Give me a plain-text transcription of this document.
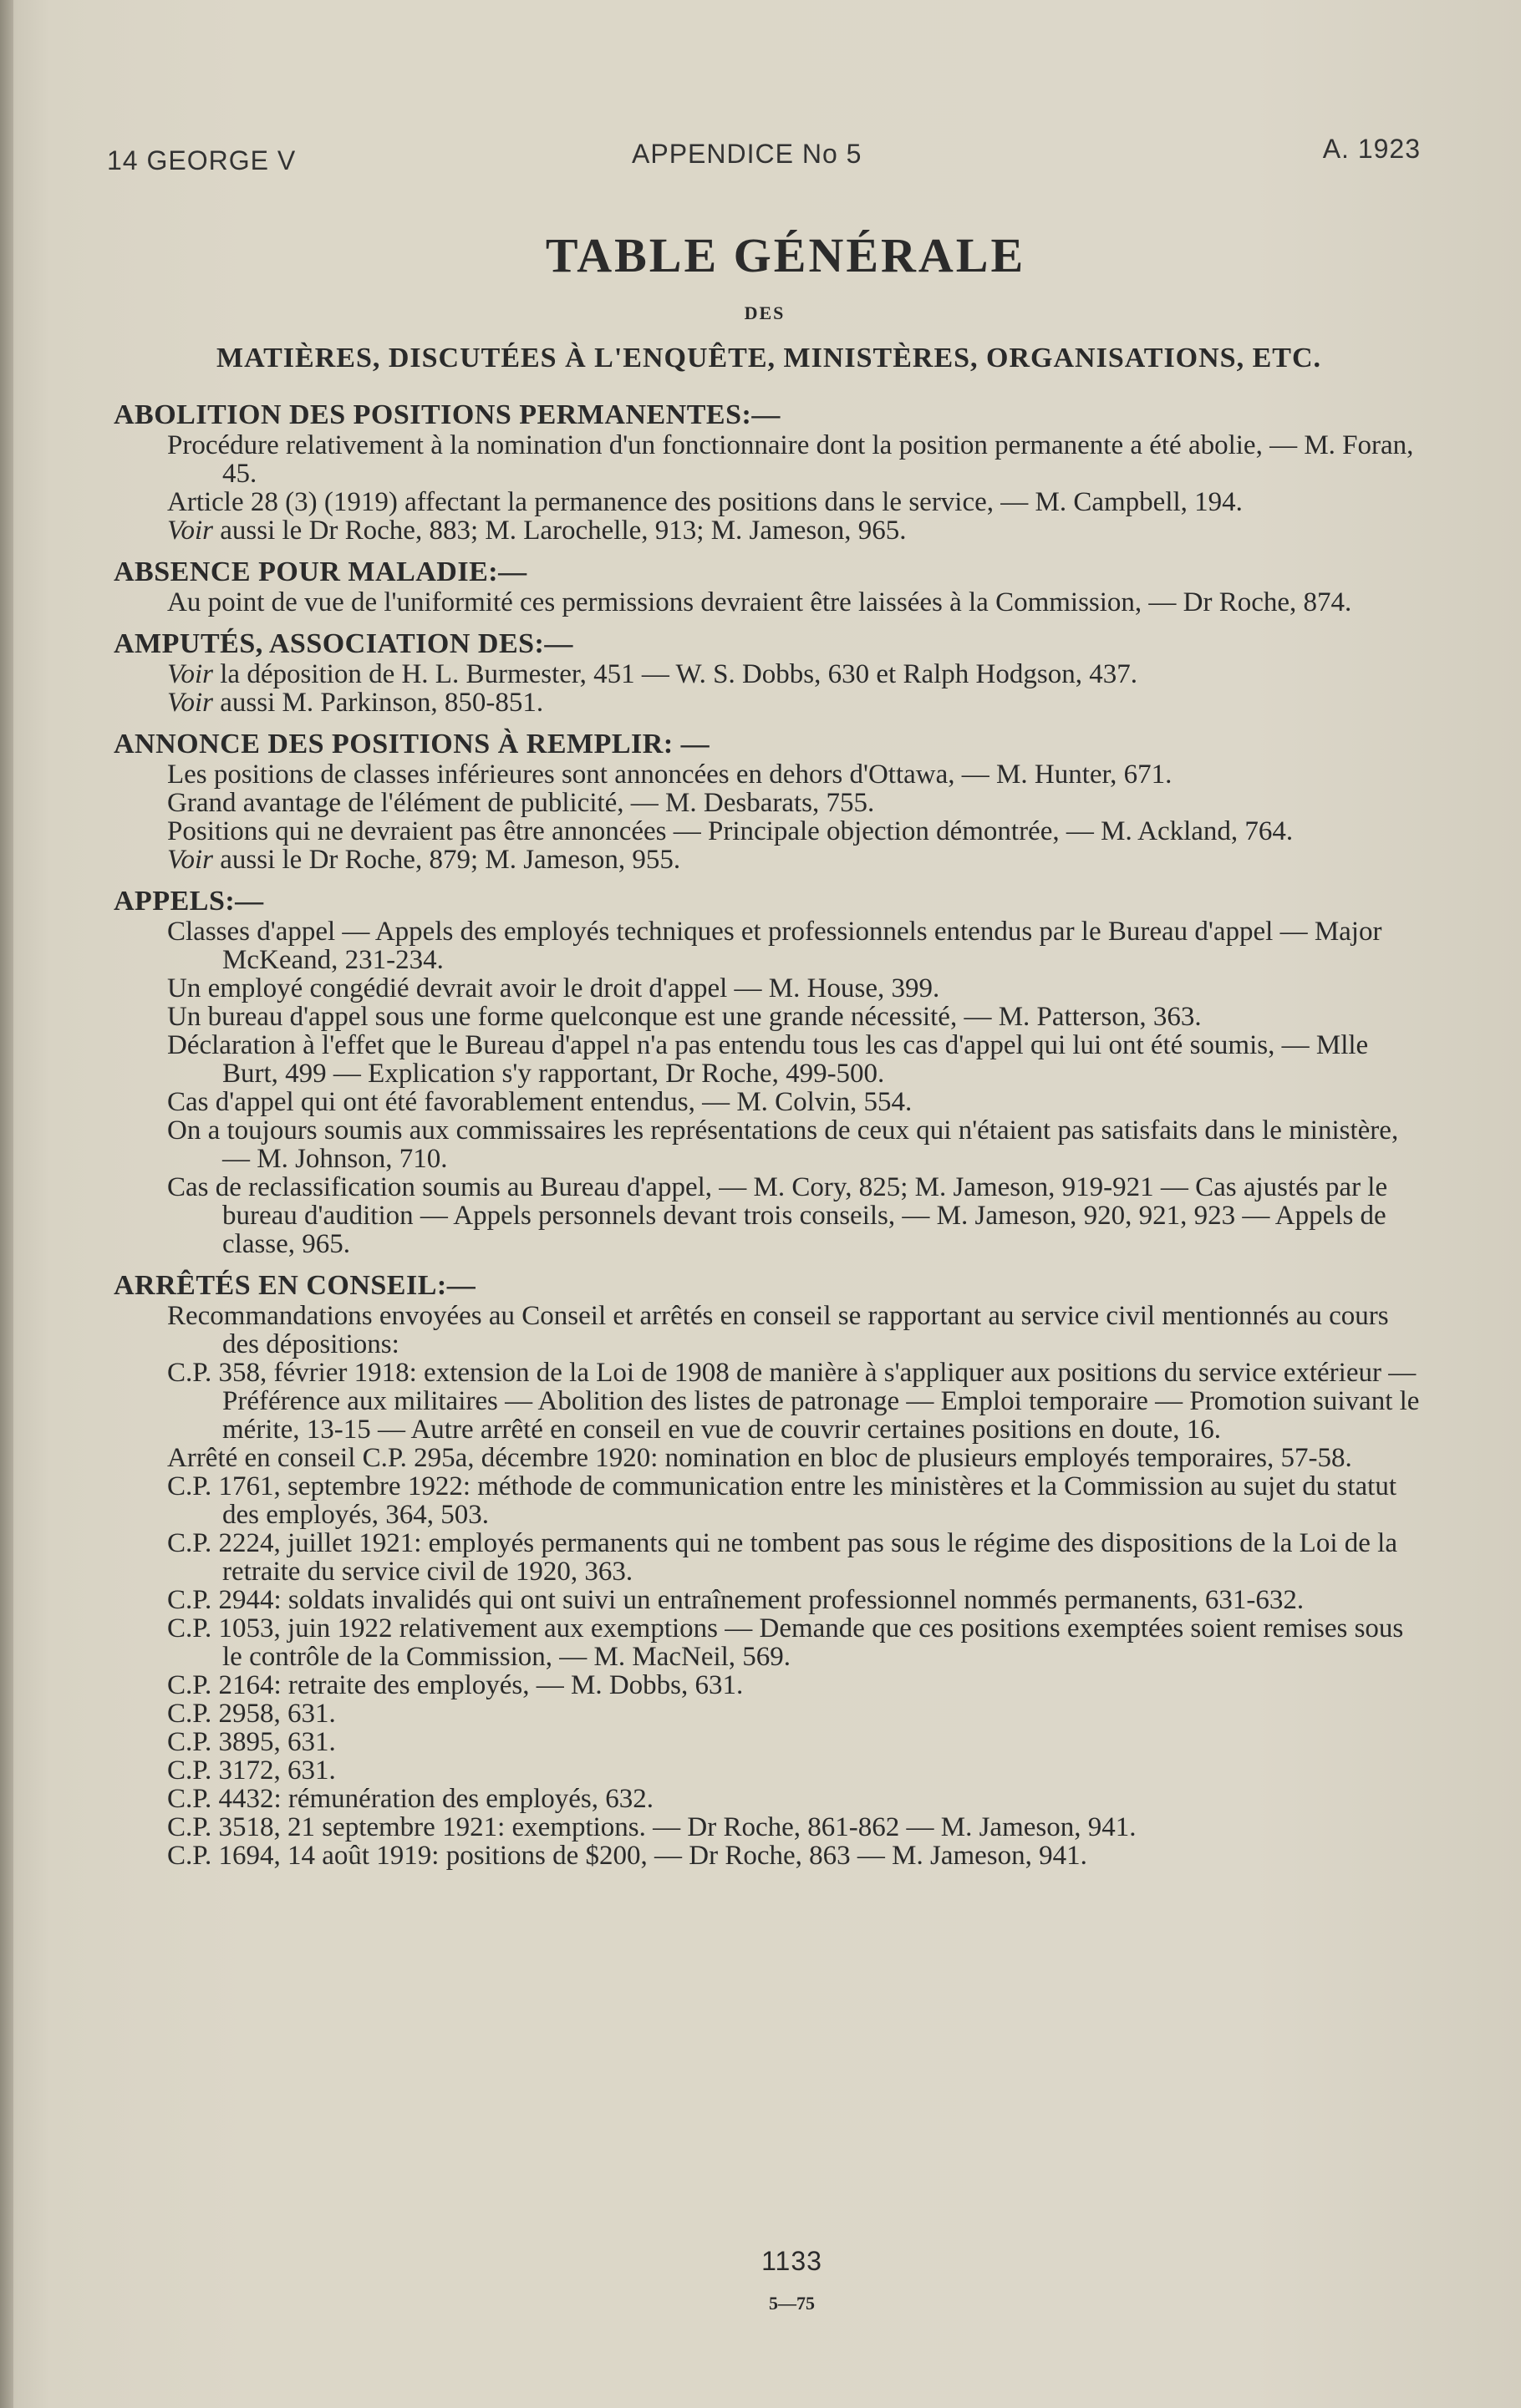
14 GEORGE V	APPENDICE No 5	A. 1923
TABLE GÉNÉRALE
DES
MATIÈRES, DISCUTÉES À L'ENQUÊTE, MINISTÈRES, ORGANISATIONS, ETC.
ABOLITION DES POSITIONS PERMANENTES:—

Procédure relativement à la nomination d'un fonctionnaire dont la position permanente a été abolie, — M. Foran, 45.

Article 28 (3) (1919) affectant la permanence des positions dans le service, — M. Campbell, 194.

Voir aussi le Dr Roche, 883; M. Larochelle, 913; M. Jameson, 965.

ABSENCE POUR MALADIE:—

Au point de vue de l'uniformité ces permissions devraient être laissées à la Commission, — Dr Roche, 874.

AMPUTÉS, ASSOCIATION DES:—

Voir la déposition de H. L. Burmester, 451 — W. S. Dobbs, 630 et Ralph Hodgson, 437.

Voir aussi M. Parkinson, 850-851.

ANNONCE DES POSITIONS À REMPLIR: —

Les positions de classes inférieures sont annoncées en dehors d'Ottawa, — M. Hunter, 671.

Grand avantage de l'élément de publicité, — M. Desbarats, 755.

Positions qui ne devraient pas être annoncées — Principale objection démontrée, — M. Ackland, 764.

Voir aussi le Dr Roche, 879; M. Jameson, 955.

APPELS:—

Classes d'appel — Appels des employés techniques et professionnels entendus par le Bureau d'appel — Major McKeand, 231-234.

Un employé congédié devrait avoir le droit d'appel — M. House, 399.

Un bureau d'appel sous une forme quelconque est une grande nécessité, — M. Patterson, 363.

Déclaration à l'effet que le Bureau d'appel n'a pas entendu tous les cas d'appel qui lui ont été soumis, — Mlle Burt, 499 — Explication s'y rapportant, Dr Roche, 499-500.

Cas d'appel qui ont été favorablement entendus, — M. Colvin, 554.

On a toujours soumis aux commissaires les représentations de ceux qui n'étaient pas satisfaits dans le ministère, — M. Johnson, 710.

Cas de reclassification soumis au Bureau d'appel, — M. Cory, 825; M. Jameson, 919-921 — Cas ajustés par le bureau d'audition — Appels personnels devant trois conseils, — M. Jameson, 920, 921, 923 — Appels de classe, 965.

ARRÊTÉS EN CONSEIL:—

Recommandations envoyées au Conseil et arrêtés en conseil se rapportant au service civil mentionnés au cours des dépositions:

C.P. 358, février 1918: extension de la Loi de 1908 de manière à s'appliquer aux positions du service extérieur — Préférence aux militaires — Abolition des listes de patronage — Emploi temporaire — Promotion suivant le mérite, 13-15 — Autre arrêté en conseil en vue de couvrir certaines positions en doute, 16.

Arrêté en conseil C.P. 295a, décembre 1920: nomination en bloc de plusieurs employés temporaires, 57-58.

C.P. 1761, septembre 1922: méthode de communication entre les ministères et la Commission au sujet du statut des employés, 364, 503.

C.P. 2224, juillet 1921: employés permanents qui ne tombent pas sous le régime des dispositions de la Loi de la retraite du service civil de 1920, 363.

C.P. 2944: soldats invalidés qui ont suivi un entraînement professionnel nommés permanents, 631-632.

C.P. 1053, juin 1922 relativement aux exemptions — Demande que ces positions exemptées soient remises sous le contrôle de la Commission, — M. MacNeil, 569.

C.P. 2164: retraite des employés, — M. Dobbs, 631.

C.P. 2958, 631.

C.P. 3895, 631.

C.P. 3172, 631.

C.P. 4432: rémunération des employés, 632.

C.P. 3518, 21 septembre 1921: exemptions. — Dr Roche, 861-862 — M. Jameson, 941.

C.P. 1694, 14 août 1919: positions de $200, — Dr Roche, 863 — M. Jameson, 941.

1133
5—75
